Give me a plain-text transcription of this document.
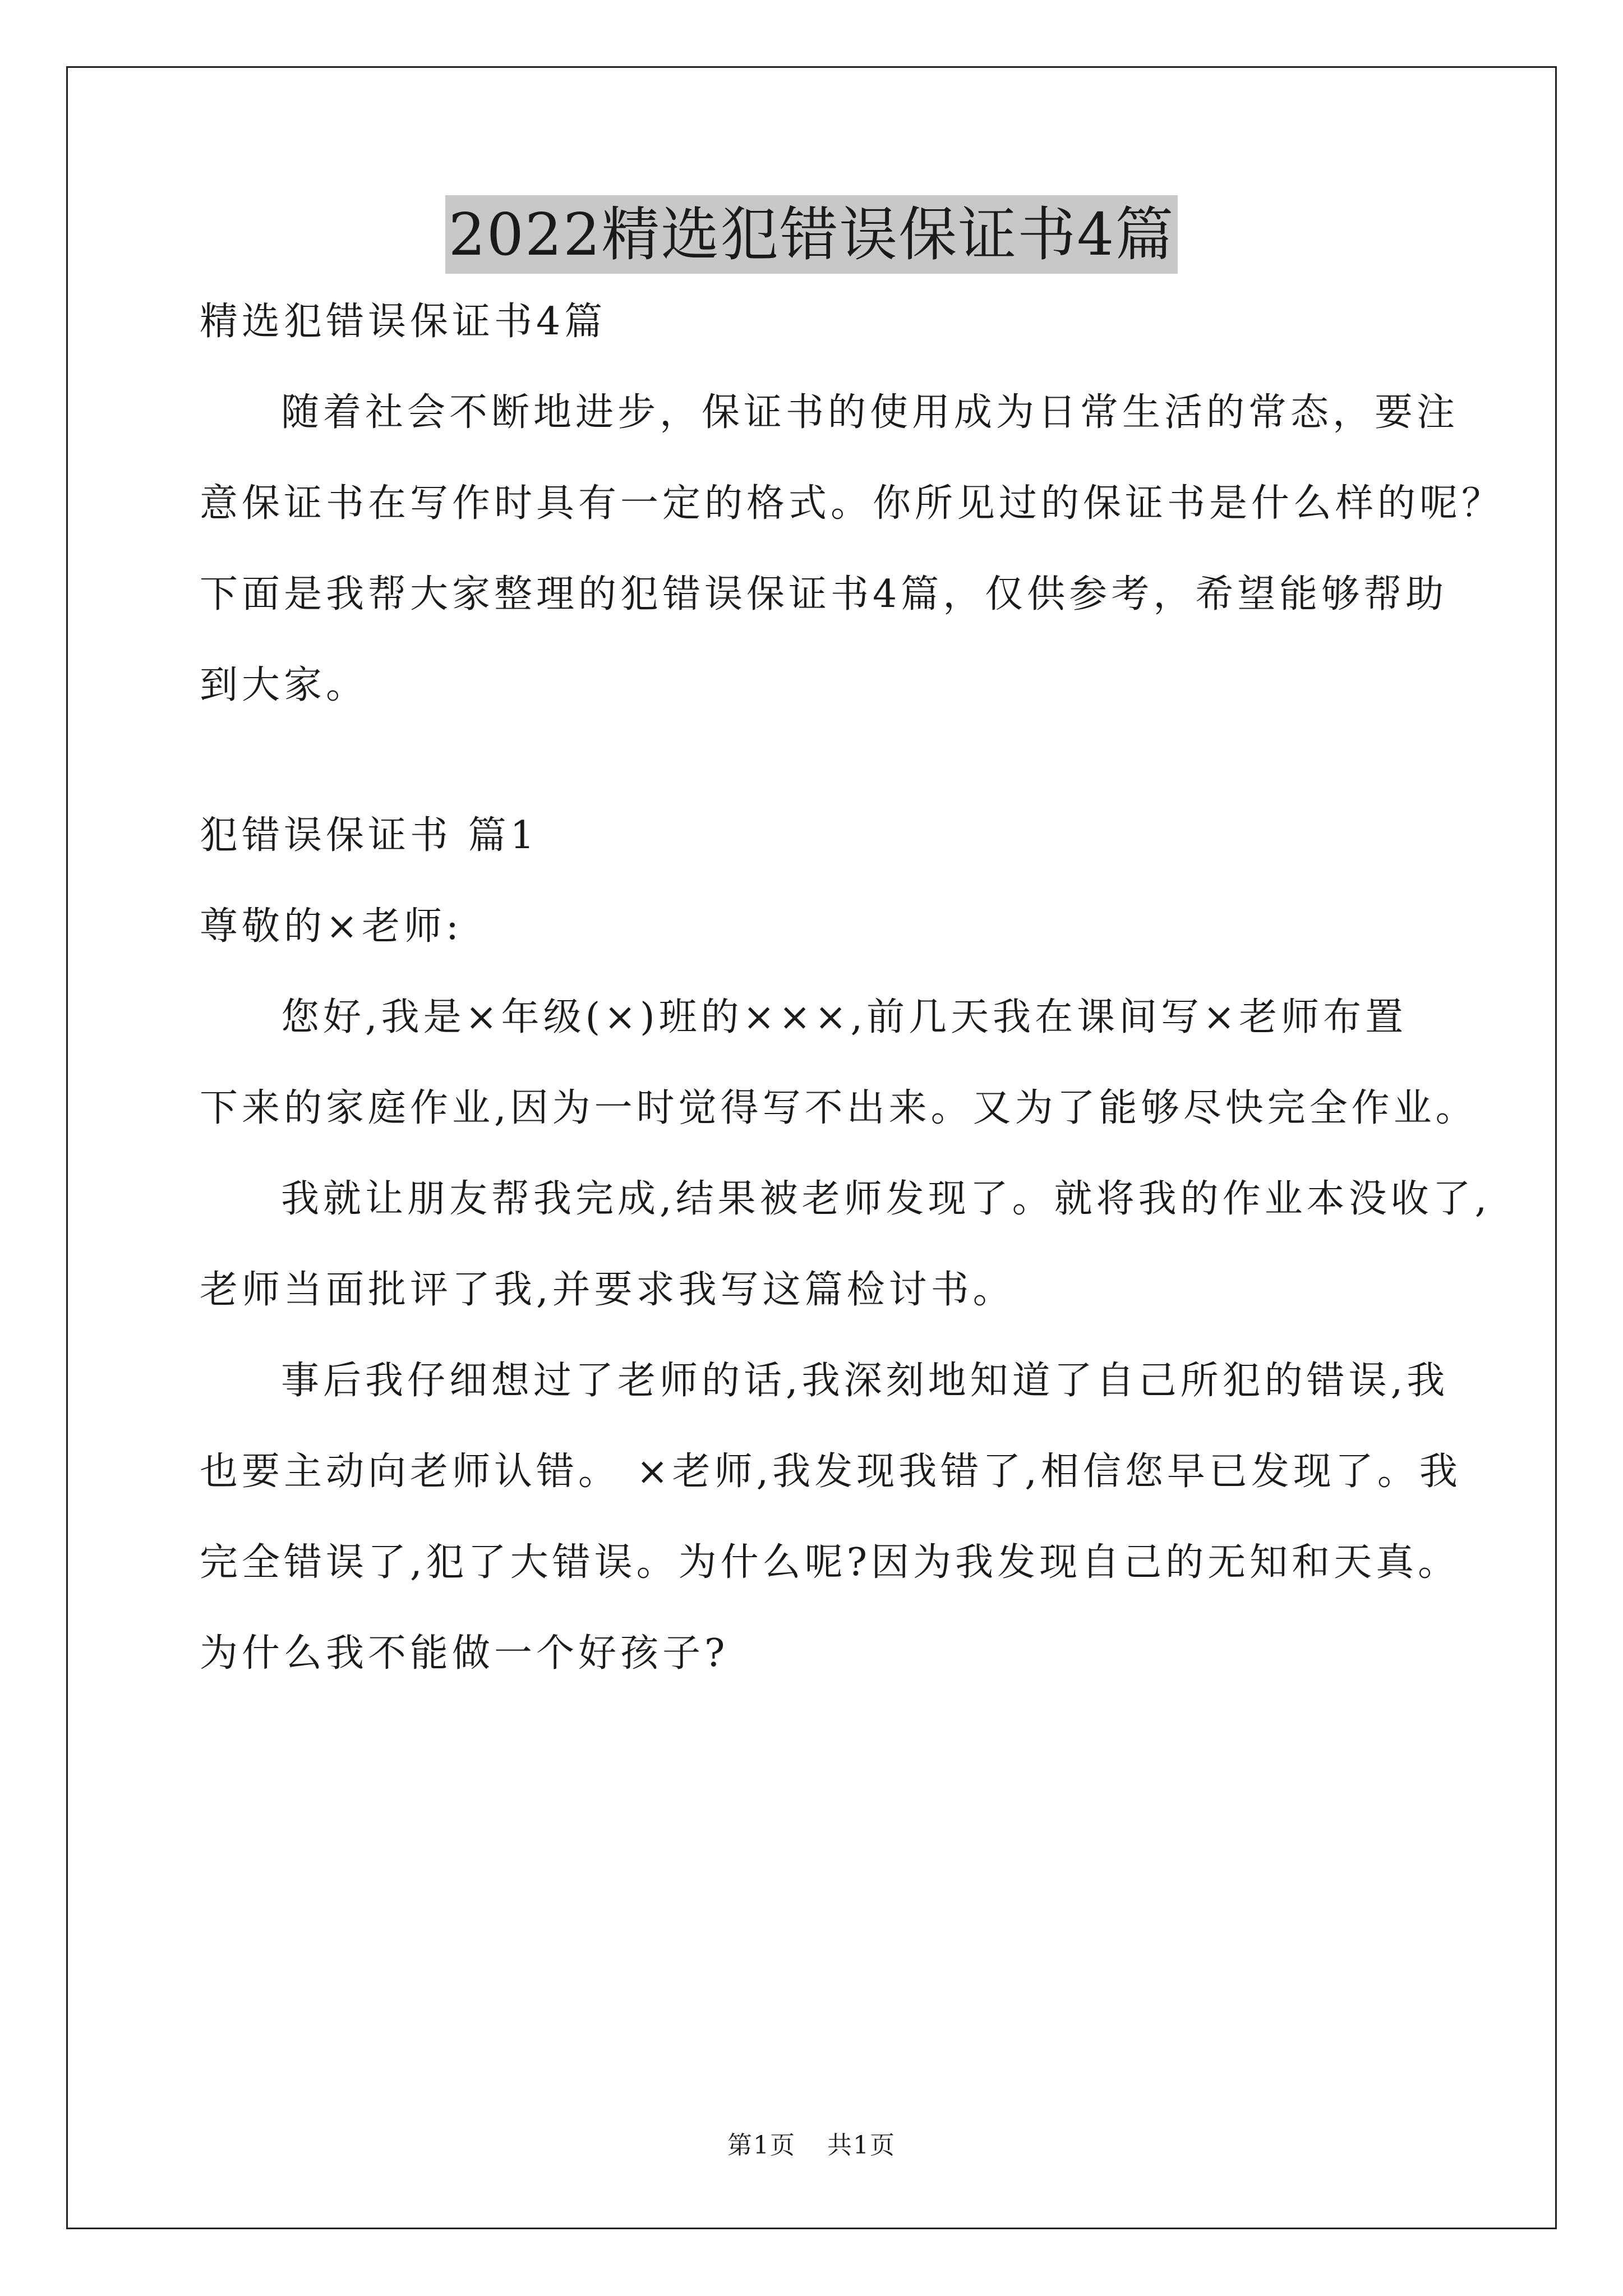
2022精选犯错误保证书4篇
精选犯错误保证书4篇
随着社会不断地进步，保证书的使用成为日常生活的常态，要注
意保证书在写作时具有一定的格式。你所见过的保证书是什么样的呢？
下面是我帮大家整理的犯错误保证书4篇，仅供参考，希望能够帮助
到大家。
犯错误保证书 篇1
尊敬的×老师:
您好,我是×年级(×)班的×××,前几天我在课间写×老师布置
下来的家庭作业,因为一时觉得写不出来。又为了能够尽快完全作业。
我就让朋友帮我完成,结果被老师发现了。就将我的作业本没收了,
老师当面批评了我,并要求我写这篇检讨书。
事后我仔细想过了老师的话,我深刻地知道了自己所犯的错误,我
也要主动向老师认错。 ×老师,我发现我错了,相信您早已发现了。我
完全错误了,犯了大错误。为什么呢?因为我发现自己的无知和天真。
为什么我不能做一个好孩子?
第1页 共1页
